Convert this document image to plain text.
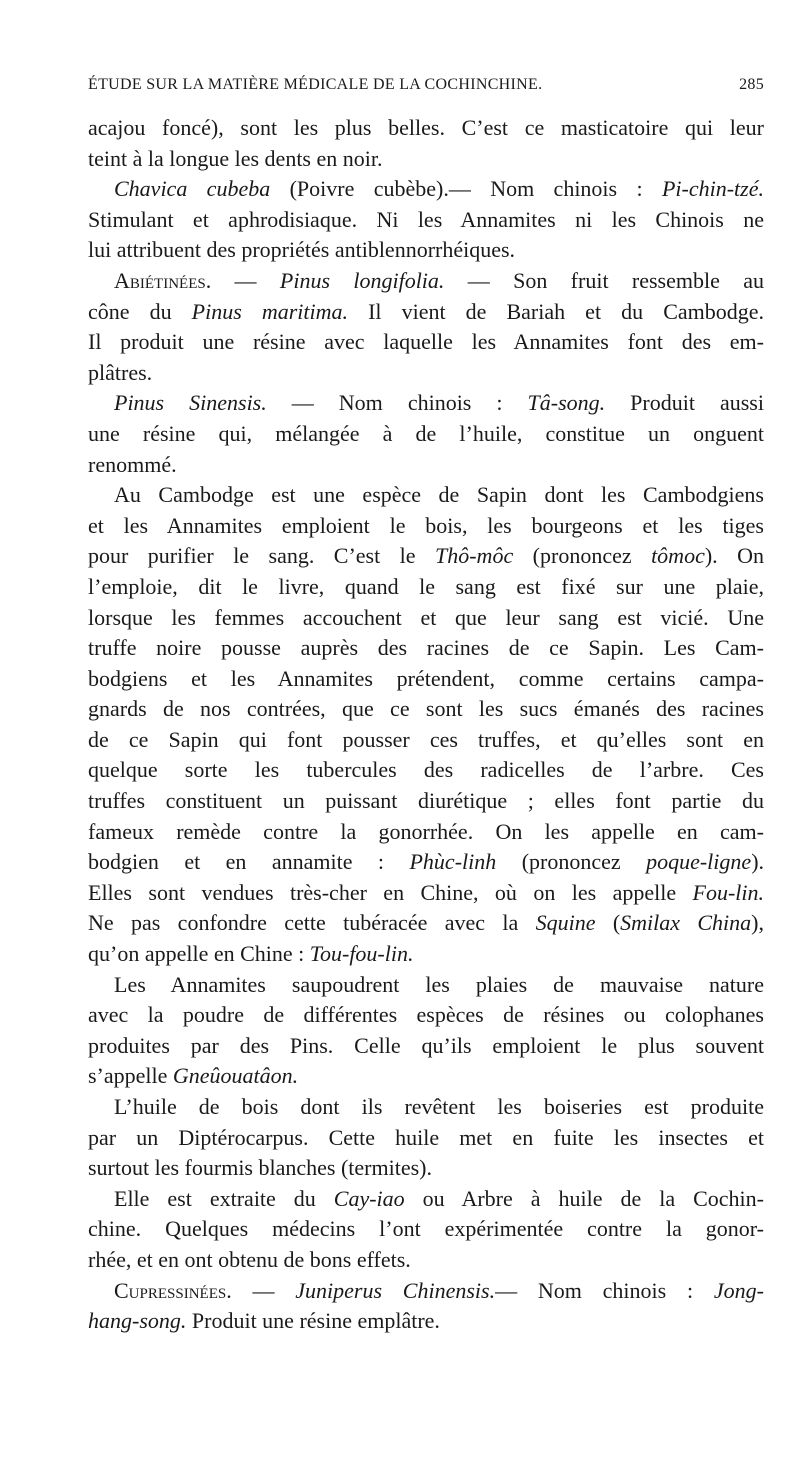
ÉTUDE SUR LA MATIÈRE MÉDICALE DE LA COCHINCHINE.	285
acajou foncé), sont les plus belles. C’est ce masticatoire qui leur
teint à la longue les dents en noir.
Chavica cubeba (Poivre cubèbe).— Nom chinois : Pi-chin-tzé.
Stimulant et aphrodisiaque. Ni les Annamites ni les Chinois ne
lui attribuent des propriétés antiblennorrhéiques.
Abiétinées. — Pinus longifolia. — Son fruit ressemble au
cône du Pinus maritima. Il vient de Bariah et du Cambodge.
Il produit une résine avec laquelle les Annamites font des em-
plâtres.
Pinus Sinensis. — Nom chinois : Tâ-song. Produit aussi
une résine qui, mélangée à de l’huile, constitue un onguent
renommé.
Au Cambodge est une espèce de Sapin dont les Cambodgiens
et les Annamites emploient le bois, les bourgeons et les tiges
pour purifier le sang. C’est le Thô-môc (prononcez tômoc). On
l’emploie, dit le livre, quand le sang est fixé sur une plaie,
lorsque les femmes accouchent et que leur sang est vicié. Une
truffe noire pousse auprès des racines de ce Sapin. Les Cam-
bodgiens et les Annamites prétendent, comme certains campa-
gnards de nos contrées, que ce sont les sucs émanés des racines
de ce Sapin qui font pousser ces truffes, et qu’elles sont en
quelque sorte les tubercules des radicelles de l’arbre. Ces
truffes constituent un puissant diurétique ; elles font partie du
fameux remède contre la gonorrhée. On les appelle en cam-
bodgien et en annamite : Phùc-linh (prononcez poque-ligne).
Elles sont vendues très-cher en Chine, où on les appelle Fou-lin.
Ne pas confondre cette tubéracée avec la Squine (Smilax China),
qu’on appelle en Chine : Tou-fou-lin.
Les Annamites saupoudrent les plaies de mauvaise nature
avec la poudre de différentes espèces de résines ou colophanes
produites par des Pins. Celle qu’ils emploient le plus souvent
s’appelle Gneûouatâon.
L’huile de bois dont ils revêtent les boiseries est produite
par un Diptérocarpus. Cette huile met en fuite les insectes et
surtout les fourmis blanches (termites).
Elle est extraite du Cay-iao ou Arbre à huile de la Cochin-
chine. Quelques médecins l’ont expérimentée contre la gonor-
rhée, et en ont obtenu de bons effets.
Cupressinées. — Juniperus Chinensis.— Nom chinois : Jong-
hang-song. Produit une résine emplâtre.
